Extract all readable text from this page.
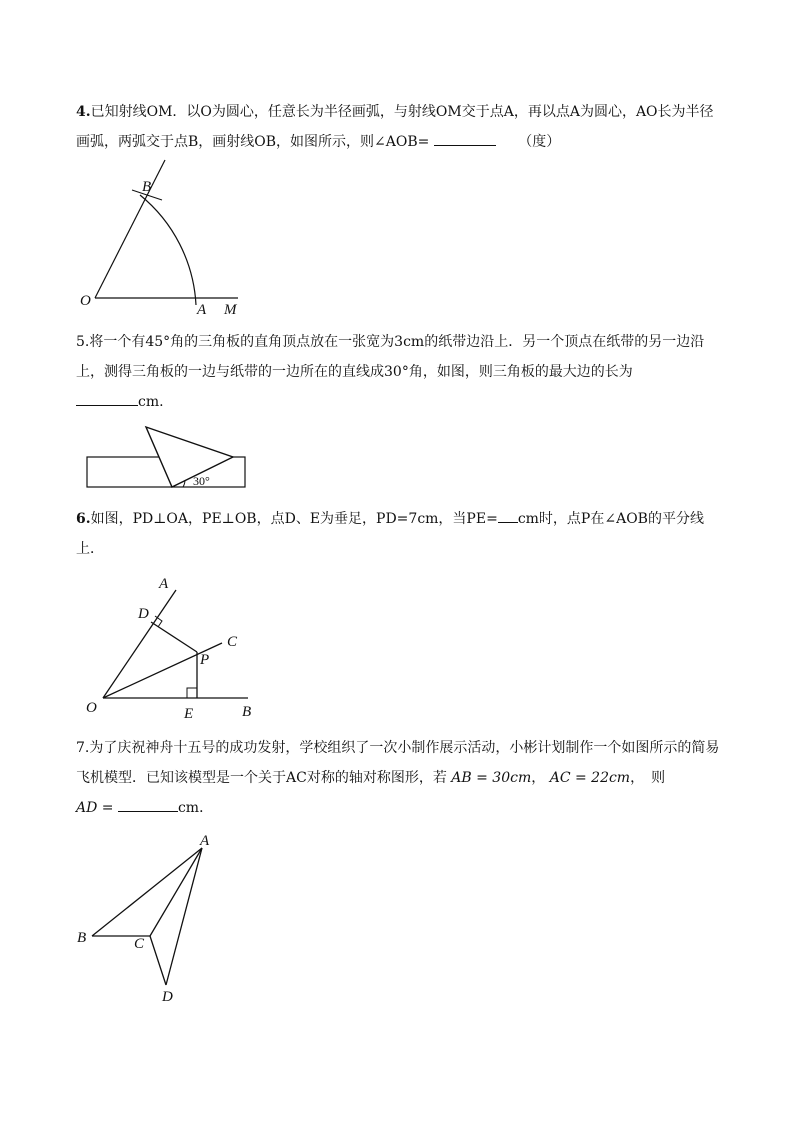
4.已知射线OM．以O为圆心，任意长为半径画弧，与射线OM交于点A，再以点A为圆心，AO长为半径画弧，两弧交于点B，画射线OB，如图所示，则∠AOB=	（度）
B
O
A M
5.将一个有45°角的三角板的直角顶点放在一张宽为3cm的纸带边沿上．另一个顶点在纸带的另一边沿上，测得三角板的一边与纸带的一边所在的直线成30°角，如图，则三角板的最大边的长为
cm.
30°
6.如图，PD⊥OA，PE⊥OB，点D、E为垂足，PD=7cm，当PE= cm时，点P在∠AOB的平分线上．
A
D
C
P
O	E	B
7.为了庆祝神舟十五号的成功发射，学校组织了一次小制作展示活动，小彬计划制作一个如图所示的简易飞机模型．已知该模型是一个关于AC对称的轴对称图形，若 AB = 30cm， AC = 22cm，　则
AD =	cm．
A
B	C
D
